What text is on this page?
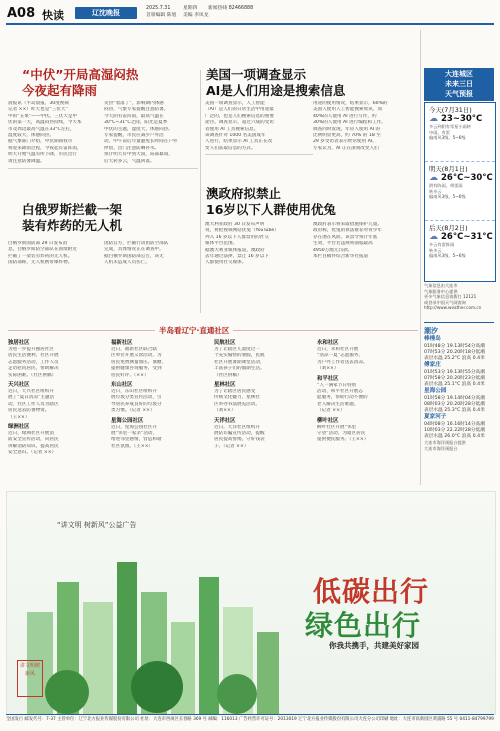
A08 快读	辽沈晚报
2025.7.31	星期四 新闻热线 82466888
首席编辑 陈旭 美编 李凤龙
“中伏”开局高湿闷热
今夜起有降雨
晨报讯（半岛晨报、30度视频
记者 ××）昨天也是“三伏天”
中的“五菜”——中伏。三伏天是中
伏的第一天，高温闷热持续，今天本
市及周边最高气温在33°C左右，
湿度较大，体感闷热。
据气象部门介绍，中伏期间我市
将迎来降雨过程，今夜起有雷阵雨，
明天开始气温有所下降，市民出行
请注意防暑降温。
炎热“着落了”，影响期内体感
闷热，气象专家提醒注意防暑。
今天阴有雷阵雨，最高气温在
30°C~31°C之间，阳光是夏季
中伏的主题，湿度大，体感闷热。
专家提醒，市民应减少户外活
动，中午前后尽量避免长时间在户外
停留，出门注意防晒补水。
预计明天有中到大雨，局部暴雨，
后天转多云，气温回落。
白俄罗斯拦截一架
装有炸药的无人机
白俄罗斯国防部 29 日发布消
息，白俄罗斯防空部队在国境附近
拦截了一架装有炸药的无人机。
国防部称，无人机携带爆炸物。
国防官方，拦截行动由防空部队
完成，具体情况正在调查中。
据白俄罗斯国防部公告，该无
人机未造成人员伤亡。
美国一项调查显示
AI是人们用途是搜索信息
美国一项调查显示，人工智能
（AI）是人们的日常生活中用途最
广泛的，也是人们搜索信息的重要
途径。调查显示，超过六成的受访
者使用 AI 工具搜索信息。
该调查针对 1000 名美国成年
人进行，结果显示 AI 工具正在改
变人们获取信息的方式。
用途的使用情况，结果显示，60%的
美国人使用人工智能搜索资讯，而
40%的人使用 AI 进行写作，约
30%的人使用 AI 进行编程和工作。
调查同时发现，年轻人使用 AI 的
比例明显更高，约 70% 的 18 至
29 岁受访者表示经常使用 AI。
专家认为，AI 正在深刻改变人们
澳政府拟禁止
16岁以下人群使用优兔
澳大利亚政府 30 日发布声明
说，将把视频网站优兔（YouTube）
列入 16 岁以下人群禁用的社交
媒体平台范围。
据澳大利亚媒体报道，澳政府
去年通过法律，禁止 16 岁以下
人群使用社交媒体。
澳政府表示将采取措施保护儿童。
政府称，优兔的算法推荐对青少年
存在潜在风险。该禁令预计年底
生效，平台若违规将面临最高
4950万澳元罚款。
本栏目稿件综合新华社报道
半岛看辽宁·直通社区
独居社区
为进一步提升独居社区
居民生活便利，社区开展
志愿服务活动，工作人员
走访慰问居民，帮助解决
实际困难。（社区供稿）
天兴社区
近日，天兴社区组织开
展了“夏日清凉”主题活
动，社区工作人员为辖区
居民送去防暑物资。
（王××）
绿洲社区
近日，绿洲社区开展消
防安全宣传活动，向居民
讲解消防知识，提高居民
安全意识。（记者 ××）
福新社区
近日，福新社区联合辖
区单位开展义诊活动，为
居民免费测量血压、血糖，
提供健康咨询服务，受到
居民好评。（××）
东山社区
近日，东山社区组织开
展垃圾分类宣传活动，引
导居民养成良好的垃圾分
类习惯。（记者 ××）
星海公园社区
近日，星海公园社区开
展“邻里一家亲”活动，
增进邻里感情，营造和谐
社区氛围。（王××）
民航社区
为了让辖区儿童度过一
个充实愉快的暑假，民航
社区开展暑期课堂活动，
丰富孩子们的假期生活。
（社区供稿）
星林社区
为了让辖区居民感受
传统文化魅力，星林社
区举办书法展览活动。
（刘××）
天洋社区
近日，天洋社区组织开
展防诈骗宣传活动，提醒
居民提高警惕，守好钱袋
子。（记者 ××）
永和社区
近日，永和社区开展
“清凉一夏”志愿服务，
为户外工作者送去清凉。
（刘××）
和平社区
“人一满家节日特别
活动，和平社区开展志
愿服务，帮助行动不便的
老人解决生活难题。
（记者 ××）
柳叶社区
柳叶社区开展“邻里
守望”活动，为辖区居民
提供便民服务。（王××）
大连城区
未来三日
天气预报
今天(7月31日)
☁ 23~30°C
多云到阴有零星小雨转
中雨，有雷
偏南风3级，5~6级
明天(8月1日)
☁ 26°C~30°C
阴有阵雨，带雷雨
转多云
偏南风3级，5~6级
后天(8月2日)
☁ 26°C~31°C
多云有雷阵雨
转多云
偏南风3级，5~6级
气象信息由大连市
气象服务中心提供
更多气象信息请拨打 12121
或登录中国天气网查询
http://www.weather.com.cn
潮汐
棒棰岛
01时48分 19.13时54分高潮
07时53分 20.20时18分低潮
表层水温 25.2°C 浪高 0.4米
傅家庄
01时53分 19.13时55分高潮
07时58分 20.20时23分低潮
表层水温 25.1°C 浪高 0.4米
星海公园
01时58分 19.14时04分高潮
08时03分 20.20时28分低潮
表层水温 25.3°C 浪高 0.4米
夏家河子
04时08分 16.16时14分高潮
10时03分 22.22时28分低潮
表层水温 26.0°C 浪高 0.4米
大连市海洋预报台提供
大连市海洋预报台
“讲文明 树新风”公益广告
讲文明树新风
低碳出行
绿色出行
你我共携手，共建美好家园
全国发行 邮发代号：7-37 主管单位：辽宁北方报业传媒股份有限公司 社址：大连市西岗区长春路 369 号 邮编：116013 广告经营许可证号：2013019 辽宁北方报业传媒股份有限公司大连分公司印刷 地址：大连市高新园区黄浦路 55 号 0411-84799799
